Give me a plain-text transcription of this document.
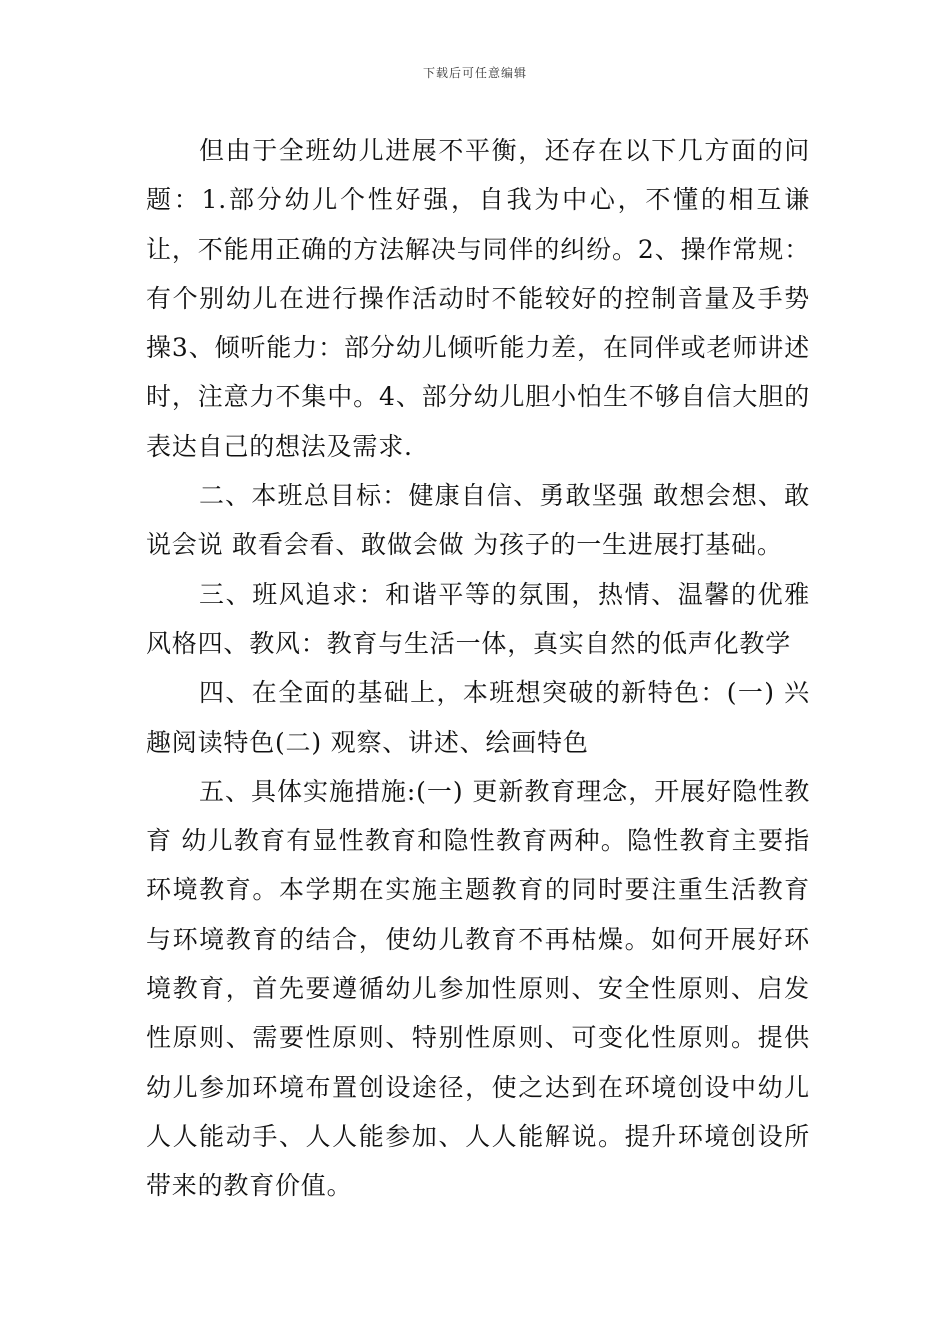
下载后可任意编辑

但由于全班幼儿进展不平衡，还存在以下几方面的问题：1.部分幼儿个性好强，自我为中心，不懂的相互谦让，不能用正确的方法解决与同伴的纠纷。2、操作常规：有个别幼儿在进行操作活动时不能较好的控制音量及手势操3、倾听能力：部分幼儿倾听能力差，在同伴或老师讲述时，注意力不集中。4、部分幼儿胆小怕生不够自信大胆的表达自己的想法及需求.

二、本班总目标：健康自信、勇敢坚强 敢想会想、敢说会说 敢看会看、敢做会做 为孩子的一生进展打基础。

三、班风追求：和谐平等的氛围，热情、温馨的优雅风格四、教风：教育与生活一体，真实自然的低声化教学

四、在全面的基础上，本班想突破的新特色：(一) 兴趣阅读特色(二) 观察、讲述、绘画特色

五、具体实施措施:(一) 更新教育理念，开展好隐性教育 幼儿教育有显性教育和隐性教育两种。隐性教育主要指环境教育。本学期在实施主题教育的同时要注重生活教育与环境教育的结合，使幼儿教育不再枯燥。如何开展好环境教育，首先要遵循幼儿参加性原则、安全性原则、启发性原则、需要性原则、特别性原则、可变化性原则。提供幼儿参加环境布置创设途径，使之达到在环境创设中幼儿人人能动手、人人能参加、人人能解说。提升环境创设所带来的教育价值。
